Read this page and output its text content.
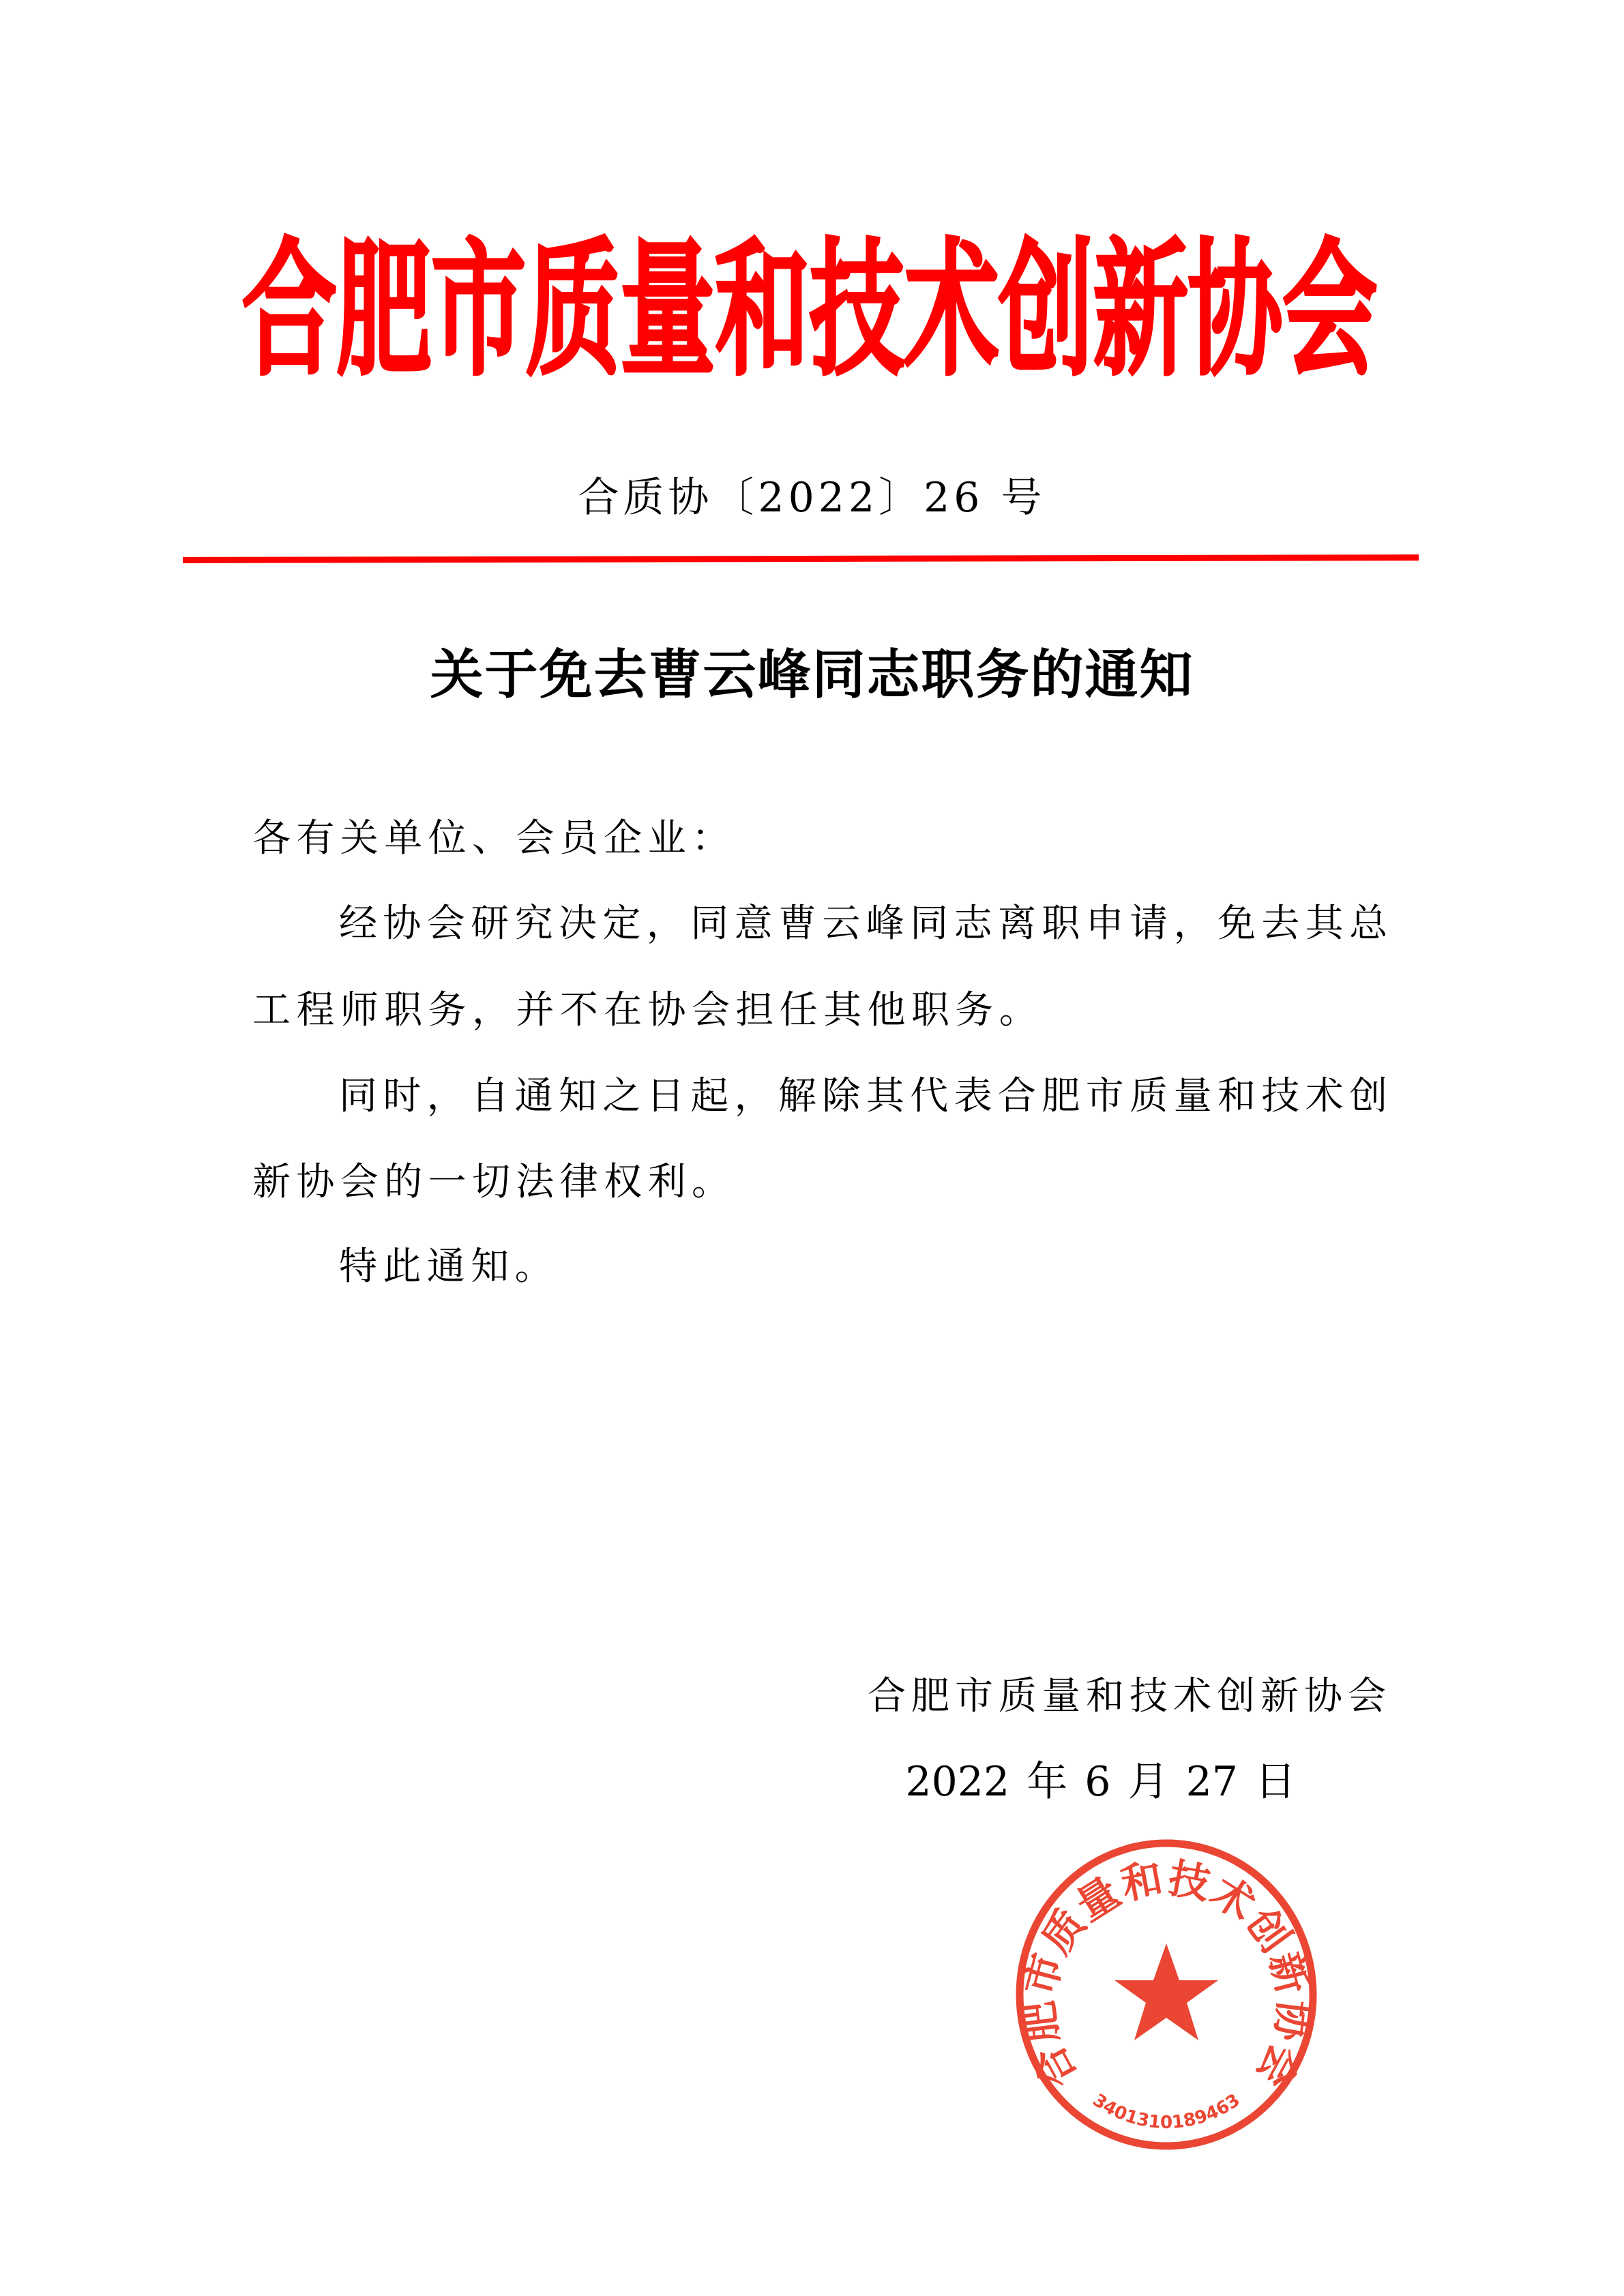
合肥市质量和技术创新协会
合质协〔2022〕26 号
关于免去曹云峰同志职务的通知
各有关单位、会员企业：
经协会研究决定，同意曹云峰同志离职申请，免去其总
工程师职务，并不在协会担任其他职务。
同时，自通知之日起，解除其代表合肥市质量和技术创
新协会的一切法律权利。
特此通知。
合肥市质量和技术创新协会
3401310189463
合肥市质量和技术创新协会
2022 年 6 月 27 日
